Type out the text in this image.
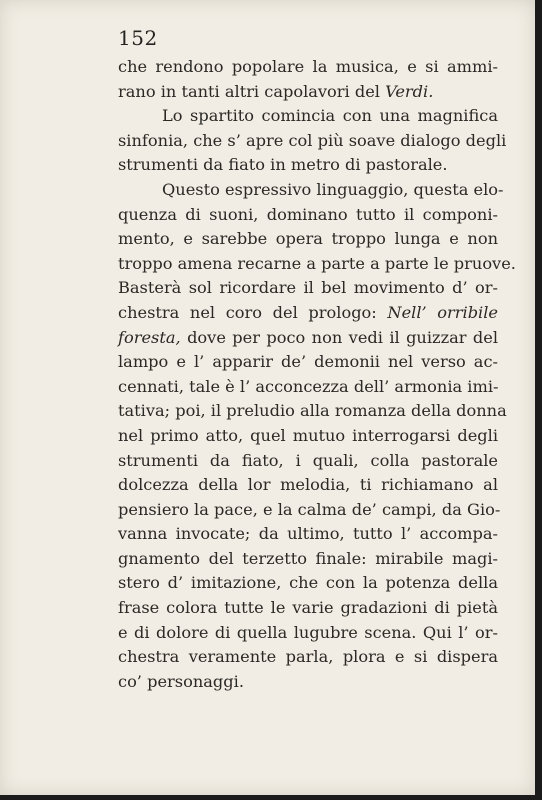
152
che rendono popolare la musica, e si ammi-
rano in tanti altri capolavori del Verdi.
Lo spartito comincia con una magnifica
sinfonia, che s’ apre col più soave dialogo degli
strumenti da fiato in metro di pastorale.
Questo espressivo linguaggio, questa elo-
quenza di suoni, dominano tutto il componi-
mento, e sarebbe opera troppo lunga e non
troppo amena recarne a parte a parte le pruove.
Basterà sol ricordare il bel movimento d’ or-
chestra nel coro del prologo: Nell’ orribile
foresta, dove per poco non vedi il guizzar del
lampo e l’ apparir de’ demonii nel verso ac-
cennati, tale è l’ acconcezza dell’ armonia imi-
tativa; poi, il preludio alla romanza della donna
nel primo atto, quel mutuo interrogarsi degli
strumenti da fiato, i quali, colla pastorale
dolcezza della lor melodia, ti richiamano al
pensiero la pace, e la calma de’ campi, da Gio-
vanna invocate; da ultimo, tutto l’ accompa-
gnamento del terzetto finale: mirabile magi-
stero d’ imitazione, che con la potenza della
frase colora tutte le varie gradazioni di pietà
e di dolore di quella lugubre scena. Qui l’ or-
chestra veramente parla, plora e si dispera
co’ personaggi.
